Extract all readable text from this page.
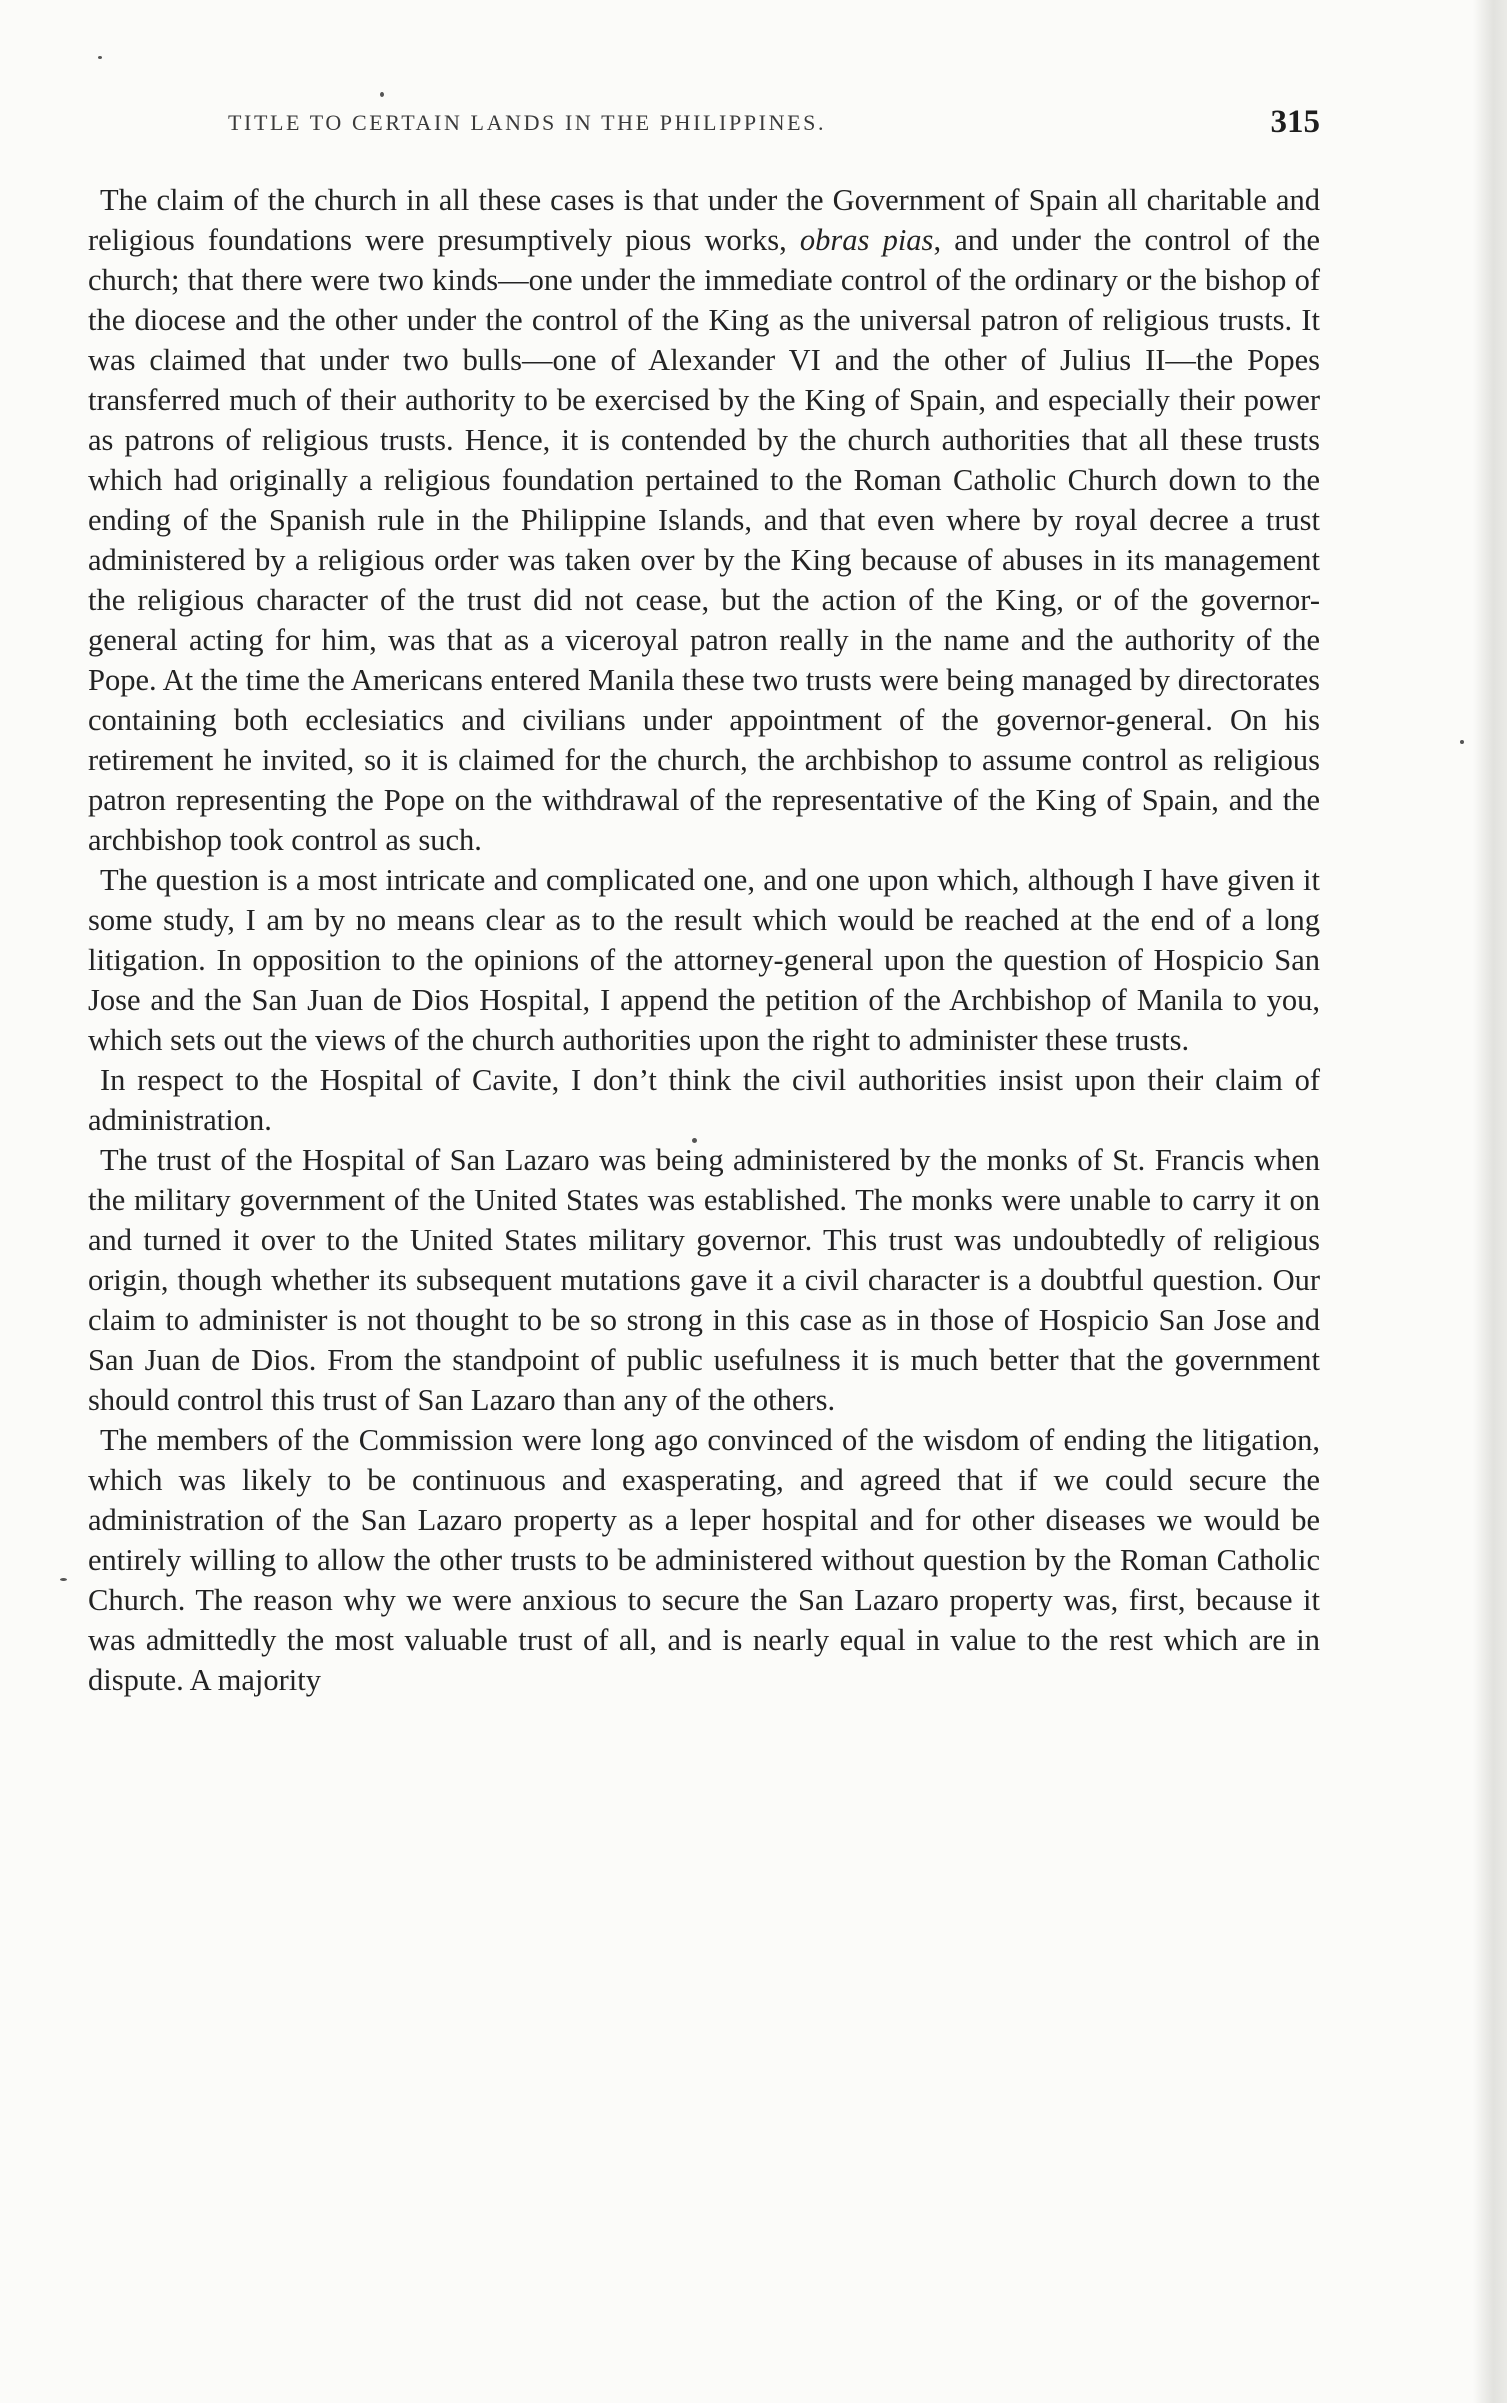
TITLE TO CERTAIN LANDS IN THE PHILIPPINES.	315

The claim of the church in all these cases is that under the Government of Spain all charitable and religious foundations were presumptively pious works, obras pias, and under the control of the church; that there were two kinds—one under the immediate control of the ordinary or the bishop of the diocese and the other under the control of the King as the universal patron of religious trusts. It was claimed that under two bulls—one of Alexander VI and the other of Julius II—the Popes transferred much of their authority to be exercised by the King of Spain, and especially their power as patrons of religious trusts. Hence, it is contended by the church authorities that all these trusts which had originally a religious foundation pertained to the Roman Catholic Church down to the ending of the Spanish rule in the Philippine Islands, and that even where by royal decree a trust administered by a religious order was taken over by the King because of abuses in its management the religious character of the trust did not cease, but the action of the King, or of the governor-general acting for him, was that as a viceroyal patron really in the name and the authority of the Pope. At the time the Americans entered Manila these two trusts were being managed by directorates containing both ecclesiatics and civilians under appointment of the governor-general. On his retirement he invited, so it is claimed for the church, the archbishop to assume control as religious patron representing the Pope on the withdrawal of the representative of the King of Spain, and the archbishop took control as such.

The question is a most intricate and complicated one, and one upon which, although I have given it some study, I am by no means clear as to the result which would be reached at the end of a long litigation. In opposition to the opinions of the attorney-general upon the question of Hospicio San Jose and the San Juan de Dios Hospital, I append the petition of the Archbishop of Manila to you, which sets out the views of the church authorities upon the right to administer these trusts.

In respect to the Hospital of Cavite, I don’t think the civil authorities insist upon their claim of administration.

The trust of the Hospital of San Lazaro was being administered by the monks of St. Francis when the military government of the United States was established. The monks were unable to carry it on and turned it over to the United States military governor. This trust was undoubtedly of religious origin, though whether its subsequent mutations gave it a civil character is a doubtful question. Our claim to administer is not thought to be so strong in this case as in those of Hospicio San Jose and San Juan de Dios. From the standpoint of public usefulness it is much better that the government should control this trust of San Lazaro than any of the others.

The members of the Commission were long ago convinced of the wisdom of ending the litigation, which was likely to be continuous and exasperating, and agreed that if we could secure the administration of the San Lazaro property as a leper hospital and for other diseases we would be entirely willing to allow the other trusts to be administered without question by the Roman Catholic Church. The reason why we were anxious to secure the San Lazaro property was, first, because it was admittedly the most valuable trust of all, and is nearly equal in value to the rest which are in dispute. A majority
